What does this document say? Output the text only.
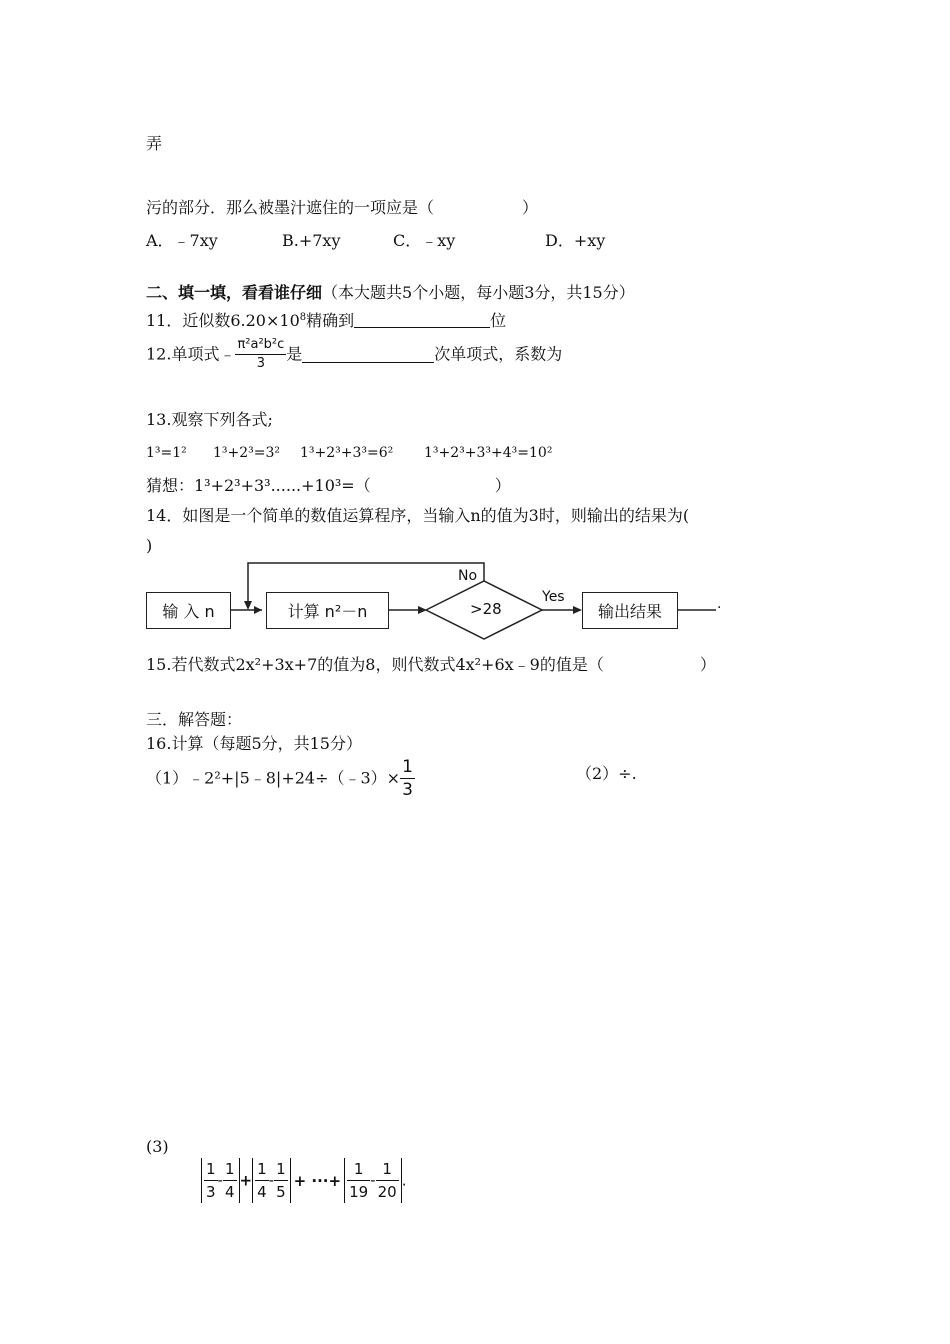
弄
污的部分．那么被墨汁遮住的一项应是（	）
A．﹣7xy	B.+7xy	C．﹣xy	D．+xy
二、填一填，看看谁仔细（本大题共5个小题，每小题3分，共15分）
11．近似数$6.20\times 10^8$精确到	位
12.单项式﹣ $\frac{\text{π²a²b²c}}{3}$ 是	次单项式，系数为
13.观察下列各式;
1³=1² 1³+2³=3² 1³+2³+3³=6² 1³+2³+3³+4³=10²
猜想：1³+2³+3³......+10³=（	）
14．如图是一个简单的数值运算程序，当输入n的值为3时，则输出的结果为(
)
输 入 n	计算 n²－n	>28
No
Yes
输出结果	.
15.若代数式2x²+3x+7的值为8，则代数式4x²+6x﹣9的值是（	）
三．解答题：
16.计算（每题5分，共15分）
（1）﹣2²+|5﹣8|+24÷（﹣3）× $\frac{1}{3}$	（2）÷.
(3)
$\frac{1}{3} - \frac{1}{4} + \frac{1}{4} - \frac{1}{5}$ + ···+ $\frac{1}{19} - \frac{1}{20}$ .
